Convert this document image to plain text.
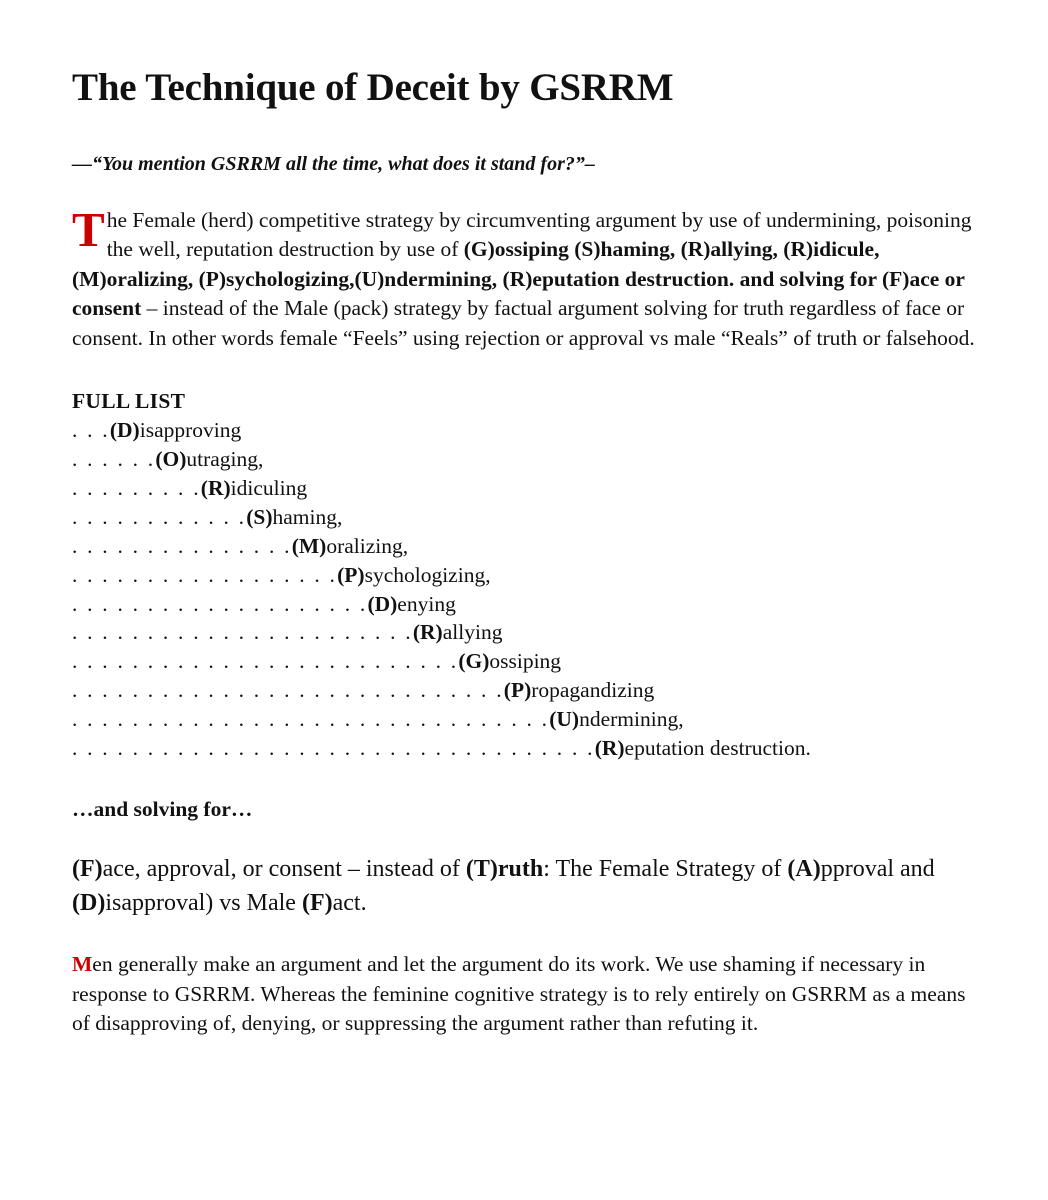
The Technique of Deceit by GSRRM

—“You mention GSRRM all the time, what does it stand for?”–

The Female (herd) competitive strategy by circumventing argument by use of undermining, poisoning the well, reputation destruction by use of (G)ossiping (S)haming, (R)allying, (R)idicule, (M)oralizing, (P)sychologizing,(U)ndermining, (R)eputation destruction. and solving for (F)ace or consent – instead of the Male (pack) strategy by factual argument solving for truth regardless of face or consent. In other words female “Feels” using rejection or approval vs male “Reals” of truth or falsehood.

FULL LIST

. . .(D)isapproving
. . . . . .(O)utraging,
. . . . . . . . .(R)idiculing
. . . . . . . . . . . .(S)haming,
. . . . . . . . . . . . . . .(M)oralizing,
. . . . . . . . . . . . . . . . . .(P)sychologizing,
. . . . . . . . . . . . . . . . . . . .(D)enying
. . . . . . . . . . . . . . . . . . . . . . .(R)allying
. . . . . . . . . . . . . . . . . . . . . . . . . .(G)ossiping
. . . . . . . . . . . . . . . . . . . . . . . . . . . . .(P)ropagandizing
. . . . . . . . . . . . . . . . . . . . . . . . . . . . . . . .(U)ndermining,
. . . . . . . . . . . . . . . . . . . . . . . . . . . . . . . . . . .(R)eputation destruction.

…and solving for…

(F)ace, approval, or consent – instead of (T)ruth: The Female Strategy of (A)pproval and (D)isapproval) vs Male (F)act.

Men generally make an argument and let the argument do its work. We use shaming if necessary in response to GSRRM. Whereas the feminine cognitive strategy is to rely entirely on GSRRM as a means of disapproving of, denying, or suppressing the argument rather than refuting it.
